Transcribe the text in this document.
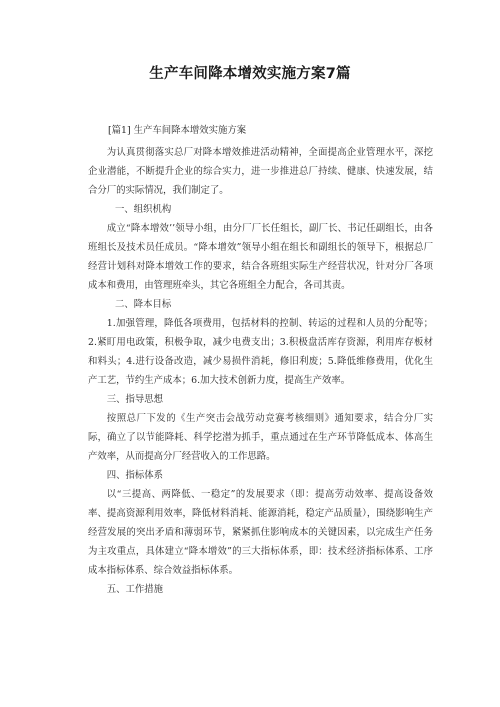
生产车间降本增效实施方案7篇

[篇1] 生产车间降本增效实施方案

为认真贯彻落实总厂对降本增效推进活动精神，全面提高企业管理水平，深挖企业潜能，不断提升企业的综合实力，进一步推进总厂持续、健康、快速发展，结合分厂的实际情况，我们制定了。

一、组织机构

成立“降本增效’’领导小组，由分厂厂长任组长，副厂长、书记任副组长，由各班组长及技术员任成员。“降本增效”领导小组在组长和副组长的领导下，根据总厂经营计划科对降本增效工作的要求，结合各班组实际生产经营状况，针对分厂各项成本和费用，由管理班牵头，其它各班组全力配合，各司其责。

二、降本目标

1.加强管理，降低各项费用，包括材料的控制、转运的过程和人员的分配等；2.紧盯用电政策，积极争取，减少电费支出；3.积极盘活库存资源，利用库存板材和料头；4.进行设备改造，减少易损件消耗，修旧利废；5.降低维修费用，优化生产工艺，节约生产成本；6.加大技术创新力度，提高生产效率。

三、指导思想

按照总厂下发的《生产突击会战劳动竞赛考核细则》通知要求，结合分厂实际，确立了以节能降耗、科学挖潜为抓手，重点通过在生产环节降低成本、体高生产效率，从而提高分厂经营收入的工作思路。

四、指标体系

以“三提高、两降低、一稳定”的发展要求（即：提高劳动效率、提高设备效率、提高资源利用效率，降低材料消耗、能源消耗，稳定产品质量），围绕影响生产经营发展的突出矛盾和薄弱环节，紧紧抓住影响成本的关键因素，以完成生产任务为主攻重点，具体建立“降本增效”的三大指标体系，即：技术经济指标体系、工序成本指标体系、综合效益指标体系。

五、工作措施
